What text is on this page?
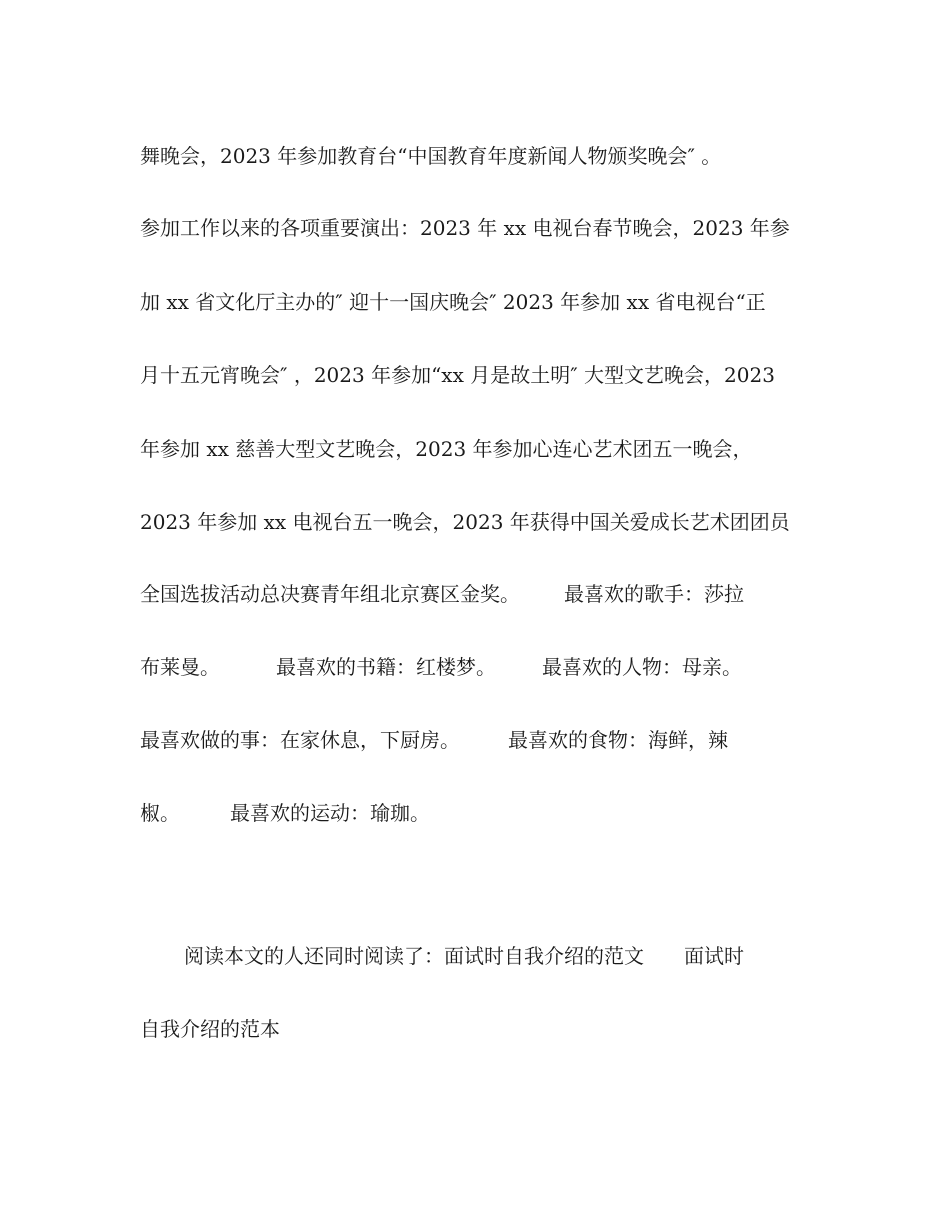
舞晚会，2023 年参加教育台“中国教育年度新闻人物颁奖晚会″ 。
参加工作以来的各项重要演出：2023 年 xx 电视台春节晚会，2023 年参
加 xx 省文化厅主办的″ 迎十一国庆晚会″ 2023 年参加 xx 省电视台“正
月十五元宵晚会″ ，2023 年参加“xx 月是故土明″ 大型文艺晚会，2023
年参加 xx 慈善大型文艺晚会，2023 年参加心连心艺术团五一晚会，
2023 年参加 xx 电视台五一晚会，2023 年获得中国关爱成长艺术团团员
全国选拔活动总决赛青年组北京赛区金奖。 最喜欢的歌手：莎拉
布莱曼。	最喜欢的书籍：红楼梦。 最喜欢的人物：母亲。
最喜欢做的事：在家休息，下厨房。 最喜欢的食物：海鲜，辣
椒。	最喜欢的运动：瑜珈。
阅读本文的人还同时阅读了：面试时自我介绍的范文 面试时
自我介绍的范本
